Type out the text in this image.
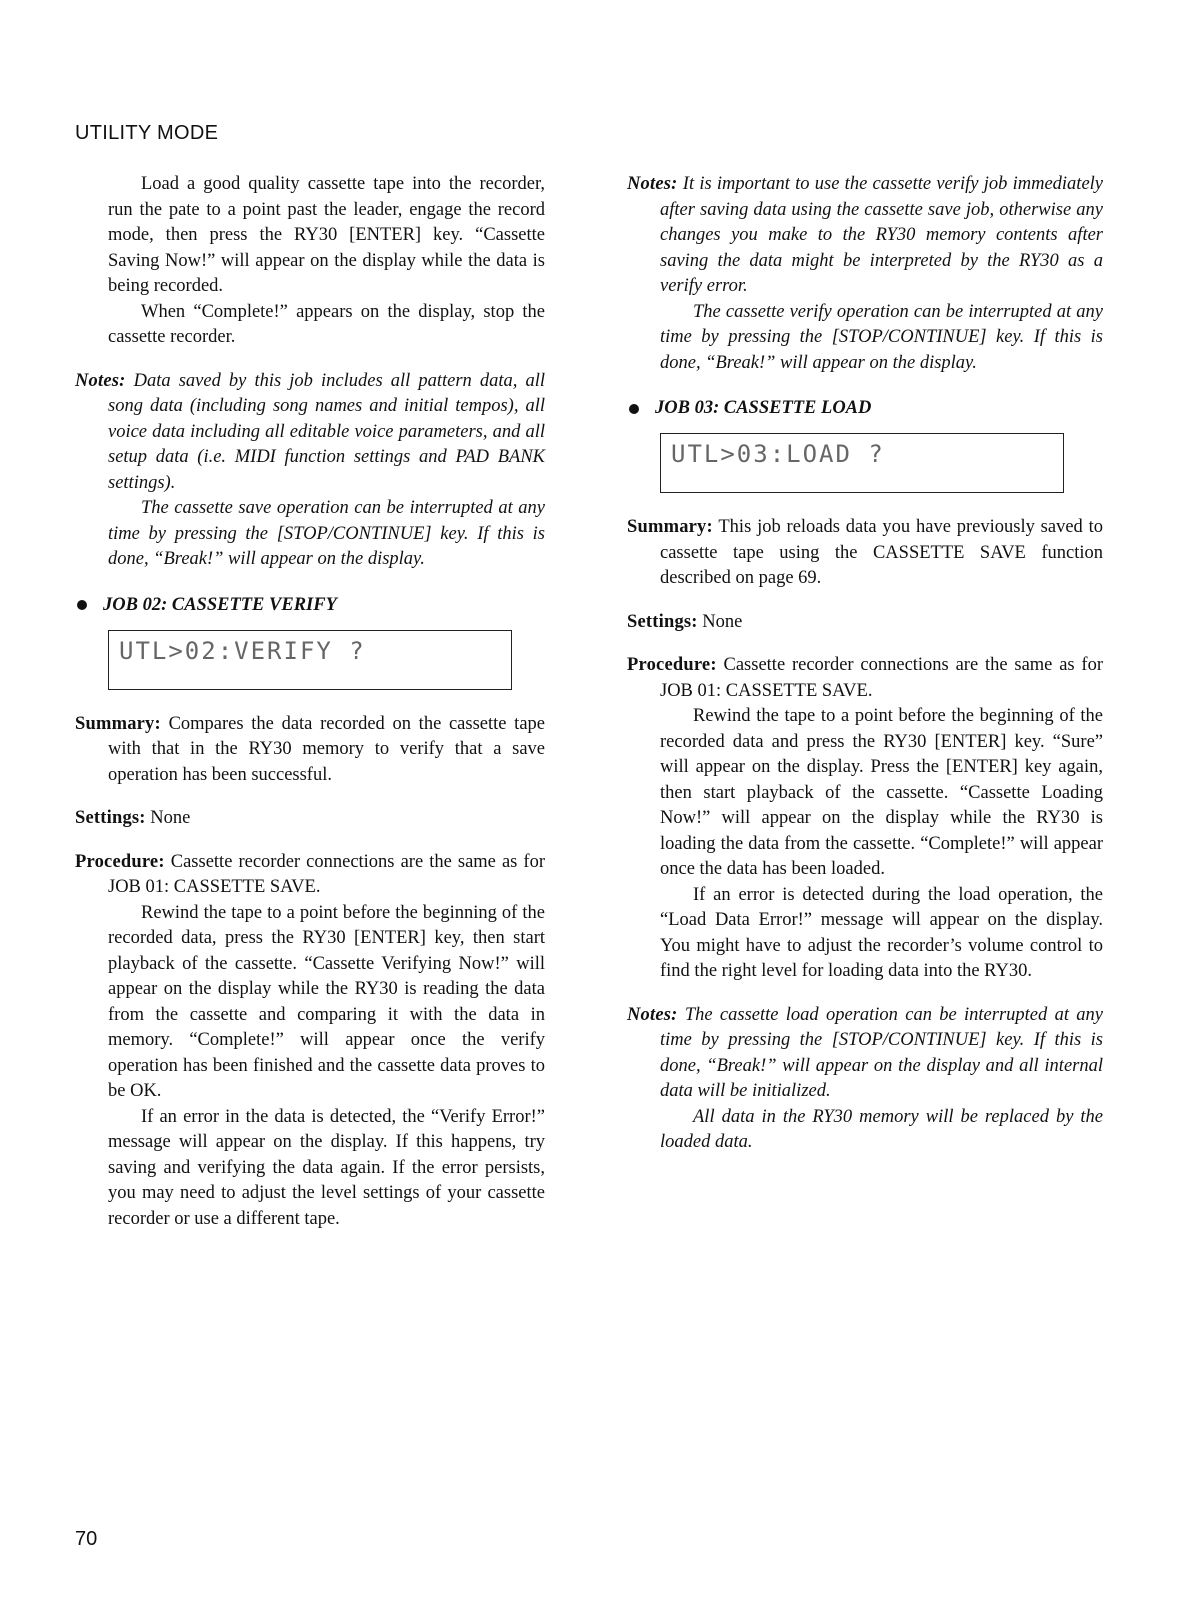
UTILITY MODE

Load a good quality cassette tape into the recorder, run the pate to a point past the leader, engage the record mode, then press the RY30 [ENTER] key. “Cassette Saving Now!” will appear on the display while the data is being recorded.

When “Complete!” appears on the display, stop the cassette recorder.

Notes: Data saved by this job includes all pattern data, all song data (including song names and initial tempos), all voice data including all editable voice parameters, and all setup data (i.e. MIDI function settings and PAD BANK settings).

The cassette save operation can be interrupted at any time by pressing the [STOP/CONTINUE] key. If this is done, “Break!” will appear on the display.

JOB 02: CASSETTE VERIFY
UTL>02:VERIFY ?

Summary: Compares the data recorded on the cassette tape with that in the RY30 memory to verify that a save operation has been successful.

Settings: None

Procedure: Cassette recorder connections are the same as for JOB 01: CASSETTE SAVE.

Rewind the tape to a point before the beginning of the recorded data, press the RY30 [ENTER] key, then start playback of the cassette. “Cassette Verifying Now!” will appear on the display while the RY30 is reading the data from the cassette and comparing it with the data in memory. “Complete!” will appear once the verify operation has been finished and the cassette data proves to be OK.

If an error in the data is detected, the “Verify Error!” message will appear on the display. If this happens, try saving and verifying the data again. If the error persists, you may need to adjust the level settings of your cassette recorder or use a different tape.

Notes: It is important to use the cassette verify job immediately after saving data using the cassette save job, otherwise any changes you make to the RY30 memory contents after saving the data might be interpreted by the RY30 as a verify error.

The cassette verify operation can be interrupted at any time by pressing the [STOP/CONTINUE] key. If this is done, “Break!” will appear on the display.

JOB 03: CASSETTE LOAD
UTL>03:LOAD ?

Summary: This job reloads data you have previously saved to cassette tape using the CASSETTE SAVE function described on page 69.

Settings: None

Procedure: Cassette recorder connections are the same as for JOB 01: CASSETTE SAVE.

Rewind the tape to a point before the beginning of the recorded data and press the RY30 [ENTER] key. “Sure” will appear on the display. Press the [ENTER] key again, then start playback of the cassette. “Cassette Loading Now!” will appear on the display while the RY30 is loading the data from the cassette. “Complete!” will appear once the data has been loaded.

If an error is detected during the load operation, the “Load Data Error!” message will appear on the display. You might have to adjust the recorder’s volume control to find the right level for loading data into the RY30.

Notes: The cassette load operation can be interrupted at any time by pressing the [STOP/CONTINUE] key. If this is done, “Break!” will appear on the display and all internal data will be initialized.

All data in the RY30 memory will be replaced by the loaded data.

70
